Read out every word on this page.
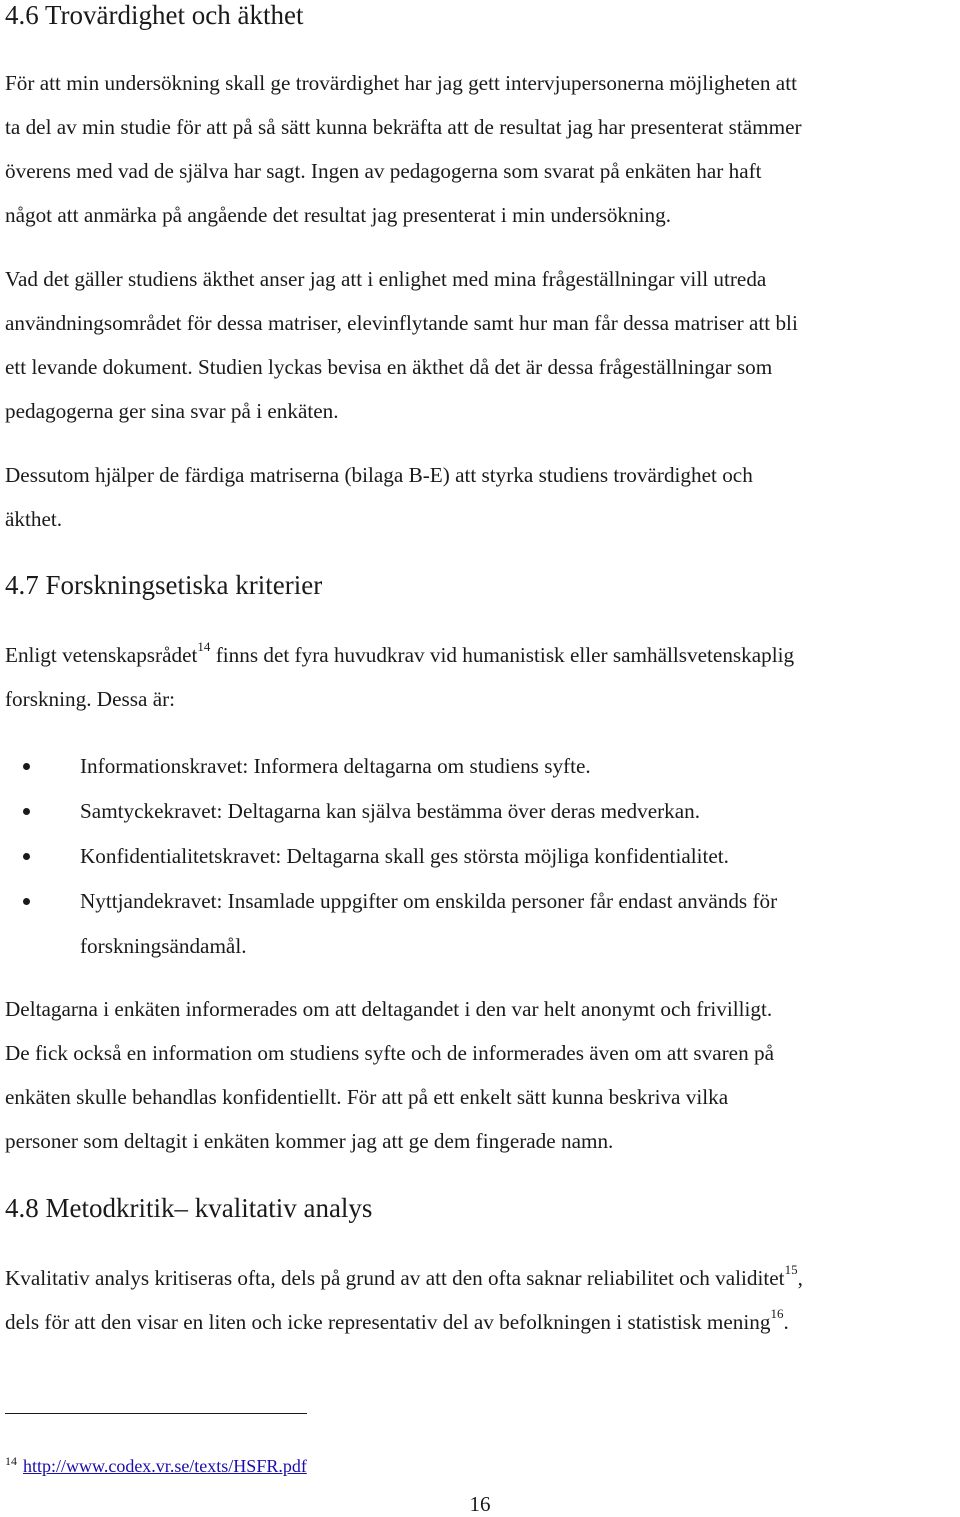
4.6 Trovärdighet och äkthet
För att min undersökning skall ge trovärdighet har jag gett intervjupersonerna möjligheten att
ta del av min studie för att på så sätt kunna bekräfta att de resultat jag har presenterat stämmer
överens med vad de själva har sagt. Ingen av pedagogerna som svarat på enkäten har haft
något att anmärka på angående det resultat jag presenterat i min undersökning.
Vad det gäller studiens äkthet anser jag att i enlighet med mina frågeställningar vill utreda
användningsområdet för dessa matriser, elevinflytande samt hur man får dessa matriser att bli
ett levande dokument. Studien lyckas bevisa en äkthet då det är dessa frågeställningar som
pedagogerna ger sina svar på i enkäten.
Dessutom hjälper de färdiga matriserna (bilaga B-E) att styrka studiens trovärdighet och
äkthet.
4.7 Forskningsetiska kriterier
Enligt vetenskapsrådet$^{14}$ finns det fyra huvudkrav vid humanistisk eller samhällsvetenskaplig
forskning. Dessa är:
Informationskravet: Informera deltagarna om studiens syfte.
Samtyckekravet: Deltagarna kan själva bestämma över deras medverkan.
Konfidentialitetskravet: Deltagarna skall ges största möjliga konfidentialitet.
Nyttjandekravet: Insamlade uppgifter om enskilda personer får endast används för
forskningsändamål.
Deltagarna i enkäten informerades om att deltagandet i den var helt anonymt och frivilligt.
De fick också en information om studiens syfte och de informerades även om att svaren på
enkäten skulle behandlas konfidentiellt. För att på ett enkelt sätt kunna beskriva vilka
personer som deltagit i enkäten kommer jag att ge dem fingerade namn.
4.8 Metodkritik– kvalitativ analys
Kvalitativ analys kritiseras ofta, dels på grund av att den ofta saknar reliabilitet och validitet$^{15}$,
dels för att den visar en liten och icke representativ del av befolkningen i statistisk mening$^{16}$.
$^{14}$ http://www.codex.vr.se/texts/HSFR.pdf
16
